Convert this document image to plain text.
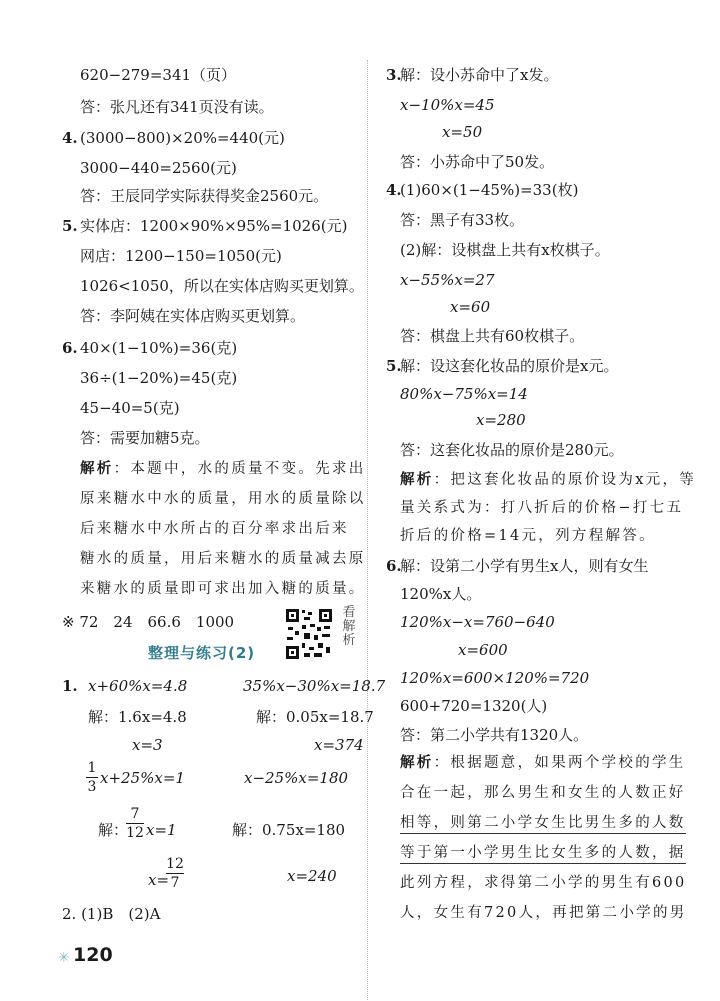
620−279=341（页）
答：张凡还有341页没有读。
4. (3000−800)×20%=440(元)
3000−440=2560(元)
答：王辰同学实际获得奖金2560元。
5. 实体店：1200×90%×95%=1026(元)
网店：1200−150=1050(元)
1026<1050，所以在实体店购买更划算。
答：李阿姨在实体店购买更划算。
6. 40×(1−10%)=36(克)
36÷(1−20%)=45(克)
45−40=5(克)
答：需要加糖5克。
解析：本题中，水的质量不变。先求出
原来糖水中水的质量，用水的质量除以
后来糖水中水所占的百分率求出后来
糖水的质量，用后来糖水的质量减去原
来糖水的质量即可求出加入糖的质量。
※ 72　24　66.6　1000
看解析
整理与练习(2)
1. x+60%x=4.8	35%x−30%x=18.7
解：1.6x=4.8	解：0.05x=18.7
x=3	x=374
1
3 x+25%x=1	x−25%x=180
解：
7
12 x=1	解：0.75x=180
x=
12
7	x=240
2. (1)B　(2)A
✳ 120
3.
解：设小苏命中了x发。
x−10%x=45
x=50
答：小苏命中了50发。
4.
(1)60×(1−45%)=33(枚)
答：黑子有33枚。
(2)解：设棋盘上共有x枚棋子。
x−55%x=27
x=60
答：棋盘上共有60枚棋子。
5.
解：设这套化妆品的原价是x元。
80%x−75%x=14
x=280
答：这套化妆品的原价是280元。
解析：把这套化妆品的原价设为x元，等
量关系式为：打八折后的价格−打七五
折后的价格=14元，列方程解答。
6.
解：设第二小学有男生x人，则有女生
120%x人。
120%x−x=760−640
x=600
120%x=600×120%=720
600+720=1320(人)
答：第二小学共有1320人。
解析：根据题意，如果两个学校的学生
合在一起，那么男生和女生的人数正好
相等，则第二小学女生比男生多的人数
等于第一小学男生比女生多的人数，据
此列方程，求得第二小学的男生有600
人，女生有720人，再把第二小学的男
